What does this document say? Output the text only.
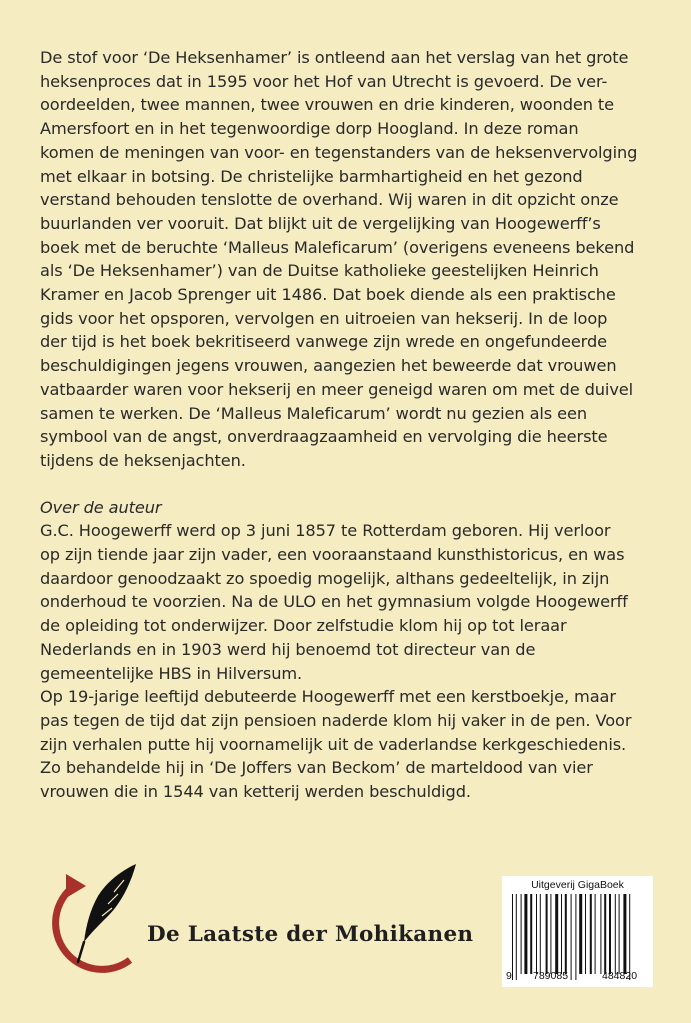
De stof voor ‘De Heksenhamer’ is ontleend aan het verslag van het grote
heksenproces dat in 1595 voor het Hof van Utrecht is gevoerd. De ver-
oordeelden, twee mannen, twee vrouwen en drie kinderen, woonden te
Amersfoort en in het tegenwoordige dorp Hoogland. In deze roman
komen de meningen van voor- en tegenstanders van de heksenvervolging
met elkaar in botsing. De christelijke barmhartigheid en het gezond
verstand behouden tenslotte de overhand. Wij waren in dit opzicht onze
buurlanden ver vooruit. Dat blijkt uit de vergelijking van Hoogewerff’s
boek met de beruchte ‘Malleus Maleficarum’ (overigens eveneens bekend
als ‘De Heksenhamer’) van de Duitse katholieke geestelijken Heinrich
Kramer en Jacob Sprenger uit 1486. Dat boek diende als een praktische
gids voor het opsporen, vervolgen en uitroeien van hekserij. In de loop
der tijd is het boek bekritiseerd vanwege zijn wrede en ongefundeerde
beschuldigingen jegens vrouwen, aangezien het beweerde dat vrouwen
vatbaarder waren voor hekserij en meer geneigd waren om met de duivel
samen te werken. De ‘Malleus Maleficarum’ wordt nu gezien als een
symbool van de angst, onverdraagzaamheid en vervolging die heerste
tijdens de heksenjachten.

Over de auteur

G.C. Hoogewerff werd op 3 juni 1857 te Rotterdam geboren. Hij verloor
op zijn tiende jaar zijn vader, een vooraanstaand kunsthistoricus, en was
daardoor genoodzaakt zo spoedig mogelijk, althans gedeeltelijk, in zijn
onderhoud te voorzien. Na de ULO en het gymnasium volgde Hoogewerff
de opleiding tot onderwijzer. Door zelfstudie klom hij op tot leraar
Nederlands en in 1903 werd hij benoemd tot directeur van de
gemeentelijke HBS in Hilversum.

Op 19-jarige leeftijd debuteerde Hoogewerff met een kerstboekje, maar
pas tegen de tijd dat zijn pensioen naderde klom hij vaker in de pen. Voor
zijn verhalen putte hij voornamelijk uit de vaderlandse kerkgeschiedenis.
Zo behandelde hij in ‘De Joffers van Beckom’ de marteldood van vier
vrouwen die in 1544 van ketterij werden beschuldigd.

De Laatste der Mohikanen
Uitgeverij GigaBoek
9 789085	484820
